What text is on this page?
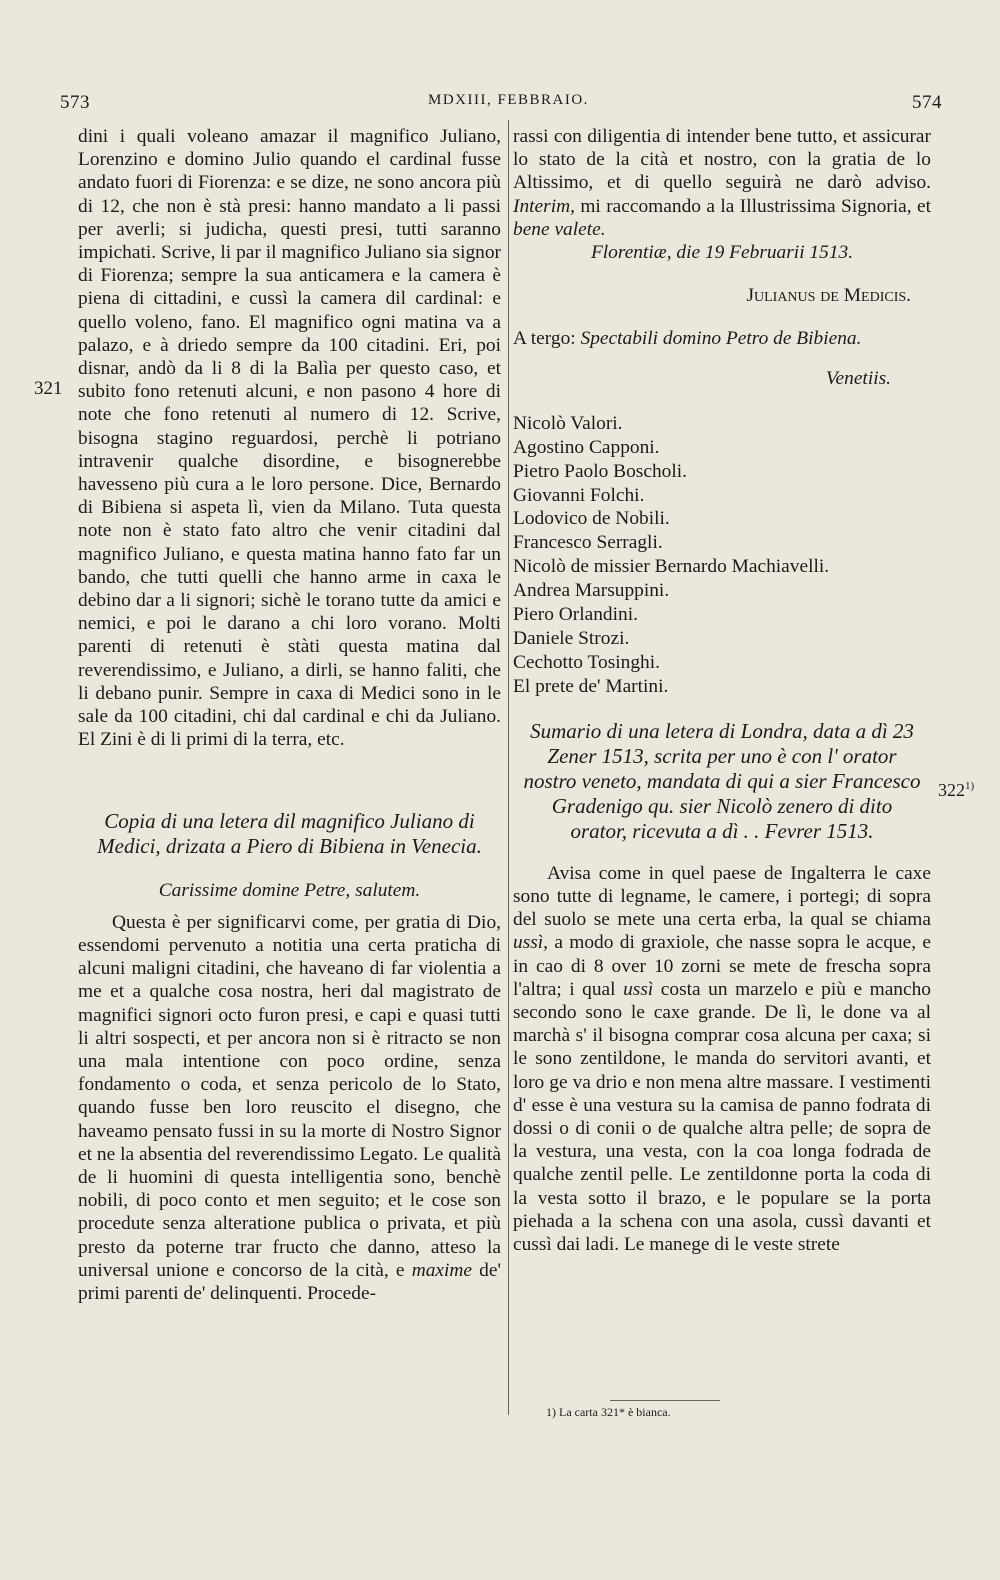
573	MDXIII, FEBBRAIO.	574
321
322$^{1)}$

dini i quali voleano amazar il magnifico Juliano, Lorenzino e domino Julio quando el cardinal fusse andato fuori di Fiorenza: e se dize, ne sono ancora più di 12, che non è stà presi: hanno mandato a li passi per averli; si judicha, questi presi, tutti saranno impichati. Scrive, li par il magnifico Juliano sia signor di Fiorenza; sempre la sua anticamera e la camera è piena di cittadini, e cussì la camera dil cardinal: e quello voleno, fano. El magnifico ogni matina va a palazo, e à driedo sempre da 100 citadini. Eri, poi disnar, andò da li 8 di la Balìa per questo caso, et subito fono retenuti alcuni, e non pasono 4 hore di note che fono retenuti al numero di 12. Scrive, bisogna stagino reguardosi, perchè li potriano intravenir qualche disordine, e bisognerebbe havesseno più cura a le loro persone. Dice, Bernardo di Bibiena si aspeta lì, vien da Milano. Tuta questa note non è stato fato altro che venir citadini dal magnifico Juliano, e questa matina hanno fato far un bando, che tutti quelli che hanno arme in caxa le debino dar a li signori; sichè le torano tutte da amici e nemici, e poi le darano a chi loro vorano. Molti parenti di retenuti è stàti questa matina dal reverendissimo, e Juliano, a dirli, se hanno faliti, che li debano punir. Sempre in caxa di Medici sono in le sale da 100 citadini, chi dal cardinal e chi da Juliano. El Zini è di li primi di la terra, etc.

Copia di una letera dil magnifico Juliano di Medici, drizata a Piero di Bibiena in Venecia.

Carissime domine Petre, salutem.

Questa è per significarvi come, per gratia di Dio, essendomi pervenuto a notitia una certa praticha di alcuni maligni citadini, che haveano di far violentia a me et a qualche cosa nostra, heri dal magistrato de magnifici signori octo furon presi, e capi e quasi tutti li altri sospecti, et per ancora non si è ritracto se non una mala intentione con poco ordine, senza fondamento o coda, et senza pericolo de lo Stato, quando fusse ben loro reuscito el disegno, che haveamo pensato fussi in su la morte di Nostro Signor et ne la absentia del reverendissimo Legato. Le qualità de li huomini di questa intelligentia sono, benchè nobili, di poco conto et men seguito; et le cose son procedute senza alteratione publica o privata, et più presto da poterne trar fructo che danno, atteso la universal unione e concorso de la cità, e maxime de' primi parenti de' delinquenti. Procede-

rassi con diligentia di intender bene tutto, et assicurar lo stato de la cità et nostro, con la gratia de lo Altissimo, et di quello seguirà ne darò adviso. Interim, mi raccomando a la Illustrissima Signoria, et bene valete.

Florentiæ, die 19 Februarii 1513.

Julianus de Medicis.

A tergo: Spectabili domino Petro de Bibiena.

Venetiis.

Nicolò Valori.
Agostino Capponi.
Pietro Paolo Boscholi.
Giovanni Folchi.
Lodovico de Nobili.
Francesco Serragli.
Nicolò de missier Bernardo Machiavelli.
Andrea Marsuppini.
Piero Orlandini.
Daniele Strozi.
Cechotto Tosinghi.
El prete de' Martini.

Sumario di una letera di Londra, data a dì 23 Zener 1513, scrita per uno è con l' orator nostro veneto, mandata di qui a sier Francesco Gradenigo qu. sier Nicolò zenero di dito orator, ricevuta a dì . . Fevrer 1513.

Avisa come in quel paese de Ingalterra le caxe sono tutte di legname, le camere, i portegi; di sopra del suolo se mete una certa erba, la qual se chiama ussì, a modo di graxiole, che nasse sopra le acque, e in cao di 8 over 10 zorni se mete de frescha sopra l'altra; i qual ussì costa un marzelo e più e mancho secondo sono le caxe grande. De lì, le done va al marchà s' il bisogna comprar cosa alcuna per caxa; si le sono zentildone, le manda do servitori avanti, et loro ge va drio e non mena altre massare. I vestimenti d' esse è una vestura su la camisa de panno fodrata di dossi o di conii o de qualche altra pelle; de sopra de la vestura, una vesta, con la coa longa fodrada de qualche zentil pelle. Le zentildonne porta la coda di la vesta sotto il brazo, e le populare se la porta piehada a la schena con una asola, cussì davanti et cussì dai ladi. Le manege di le veste strete

1) La carta 321* è bianca.
